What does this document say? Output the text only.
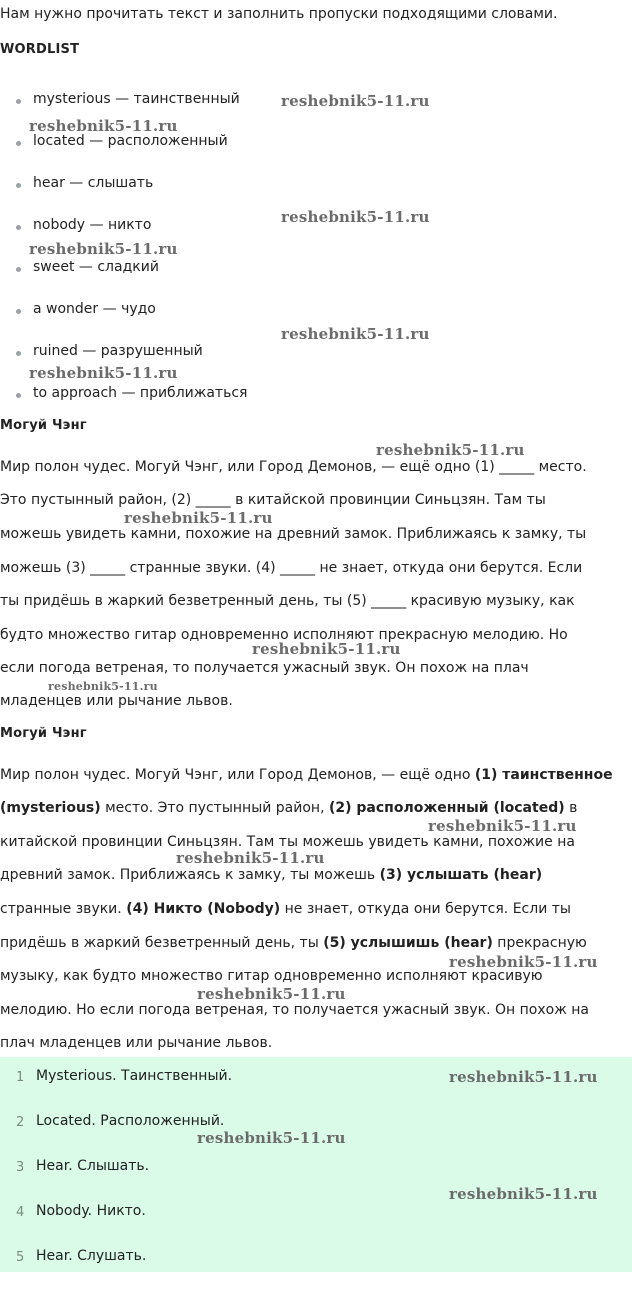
Нам нужно прочитать текст и заполнить пропуски подходящими словами.
WORDLIST
mysterious — таинственный
located — расположенный
hear — слышать
nobody — никто
sweet — сладкий
a wonder — чудо
ruined — разрушенный
to approach — приближаться
Могуй Чэнг
Мир полон чудес. Могуй Чэнг, или Город Демонов, — ещё одно (1) _____ место.
Это пустынный район, (2) _____ в китайской провинции Синьцзян. Там ты
можешь увидеть камни, похожие на древний замок. Приближаясь к замку, ты
можешь (3) _____ странные звуки. (4) _____ не знает, откуда они берутся. Если
ты придёшь в жаркий безветренный день, ты (5) _____ красивую музыку, как
будто множество гитар одновременно исполняют прекрасную мелодию. Но
если погода ветреная, то получается ужасный звук. Он похож на плач
младенцев или рычание львов.
Могуй Чэнг
Мир полон чудес. Могуй Чэнг, или Город Демонов, — ещё одно (1) таинственное
(mysterious) место. Это пустынный район, (2) расположенный (located) в
китайской провинции Синьцзян. Там ты можешь увидеть камни, похожие на
древний замок. Приближаясь к замку, ты можешь (3) услышать (hear)
странные звуки. (4) Никто (Nobody) не знает, откуда они берутся. Если ты
придёшь в жаркий безветренный день, ты (5) услышишь (hear) прекрасную
музыку, как будто множество гитар одновременно исполняют красивую
мелодию. Но если погода ветреная, то получается ужасный звук. Он похож на
плач младенцев или рычание львов.
1 Mysterious. Таинственный.
2 Located. Расположенный.
3 Hear. Слышать.
4 Nobody. Никто.
5 Hear. Слушать.
reshebnik5-11.ru
reshebnik5-11.ru
reshebnik5-11.ru
reshebnik5-11.ru
reshebnik5-11.ru
reshebnik5-11.ru
reshebnik5-11.ru
reshebnik5-11.ru
reshebnik5-11.ru
reshebnik5-11.ru
reshebnik5-11.ru
reshebnik5-11.ru
reshebnik5-11.ru
reshebnik5-11.ru
reshebnik5-11.ru
reshebnik5-11.ru
reshebnik5-11.ru
